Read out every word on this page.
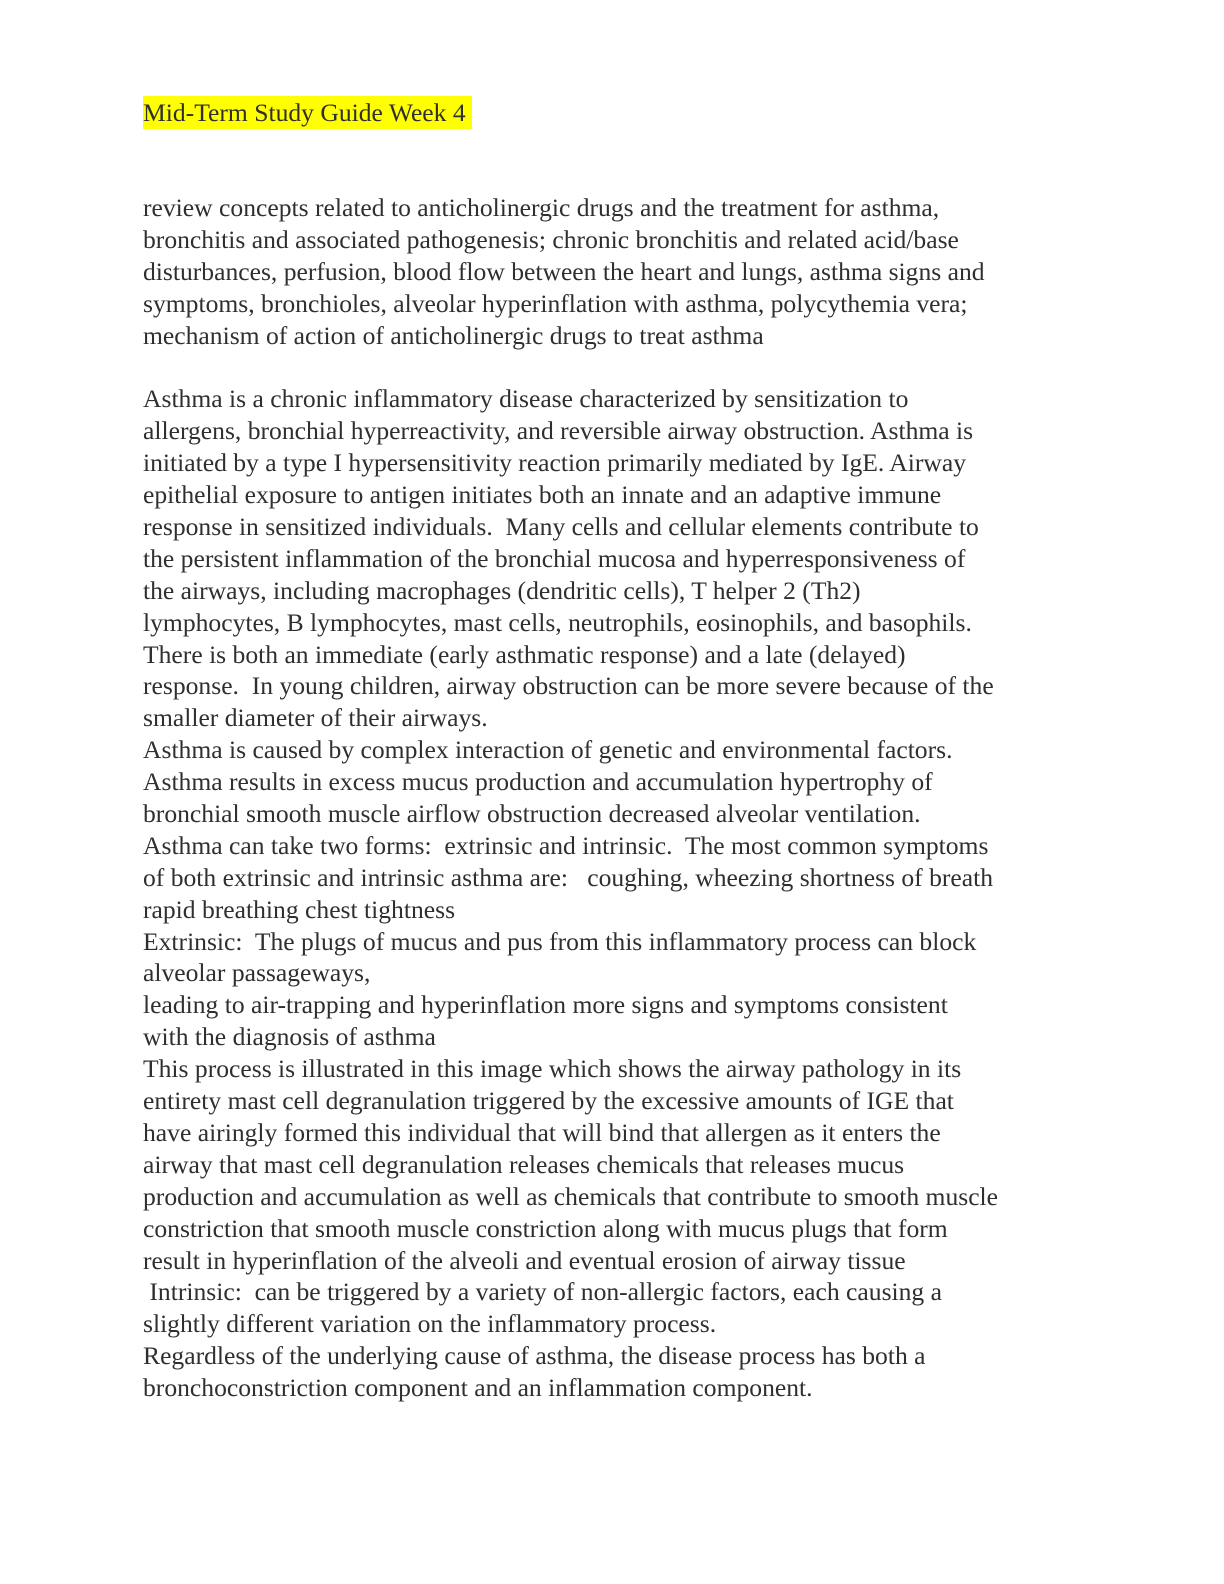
Mid-Term Study Guide Week 4
review concepts related to anticholinergic drugs and the treatment for asthma,
bronchitis and associated pathogenesis; chronic bronchitis and related acid/base
disturbances, perfusion, blood flow between the heart and lungs, asthma signs and
symptoms, bronchioles, alveolar hyperinflation with asthma, polycythemia vera;
mechanism of action of anticholinergic drugs to treat asthma
Asthma is a chronic inflammatory disease characterized by sensitization to
allergens, bronchial hyperreactivity, and reversible airway obstruction. Asthma is
initiated by a type I hypersensitivity reaction primarily mediated by IgE. Airway
epithelial exposure to antigen initiates both an innate and an adaptive immune
response in sensitized individuals.  Many cells and cellular elements contribute to
the persistent inflammation of the bronchial mucosa and hyperresponsiveness of
the airways, including macrophages (dendritic cells), T helper 2 (Th2)
lymphocytes, B lymphocytes, mast cells, neutrophils, eosinophils, and basophils.
There is both an immediate (early asthmatic response) and a late (delayed)
response.  In young children, airway obstruction can be more severe because of the
smaller diameter of their airways.
Asthma is caused by complex interaction of genetic and environmental factors.
Asthma results in excess mucus production and accumulation hypertrophy of
bronchial smooth muscle airflow obstruction decreased alveolar ventilation.
Asthma can take two forms:  extrinsic and intrinsic.  The most common symptoms
of both extrinsic and intrinsic asthma are:   coughing, wheezing shortness of breath
rapid breathing chest tightness
Extrinsic:  The plugs of mucus and pus from this inflammatory process can block
alveolar passageways,
leading to air-trapping and hyperinflation more signs and symptoms consistent
with the diagnosis of asthma
This process is illustrated in this image which shows the airway pathology in its
entirety mast cell degranulation triggered by the excessive amounts of IGE that
have airingly formed this individual that will bind that allergen as it enters the
airway that mast cell degranulation releases chemicals that releases mucus
production and accumulation as well as chemicals that contribute to smooth muscle
constriction that smooth muscle constriction along with mucus plugs that form
result in hyperinflation of the alveoli and eventual erosion of airway tissue
Intrinsic:  can be triggered by a variety of non-allergic factors, each causing a
slightly different variation on the inflammatory process.
Regardless of the underlying cause of asthma, the disease process has both a
bronchoconstriction component and an inflammation component.
